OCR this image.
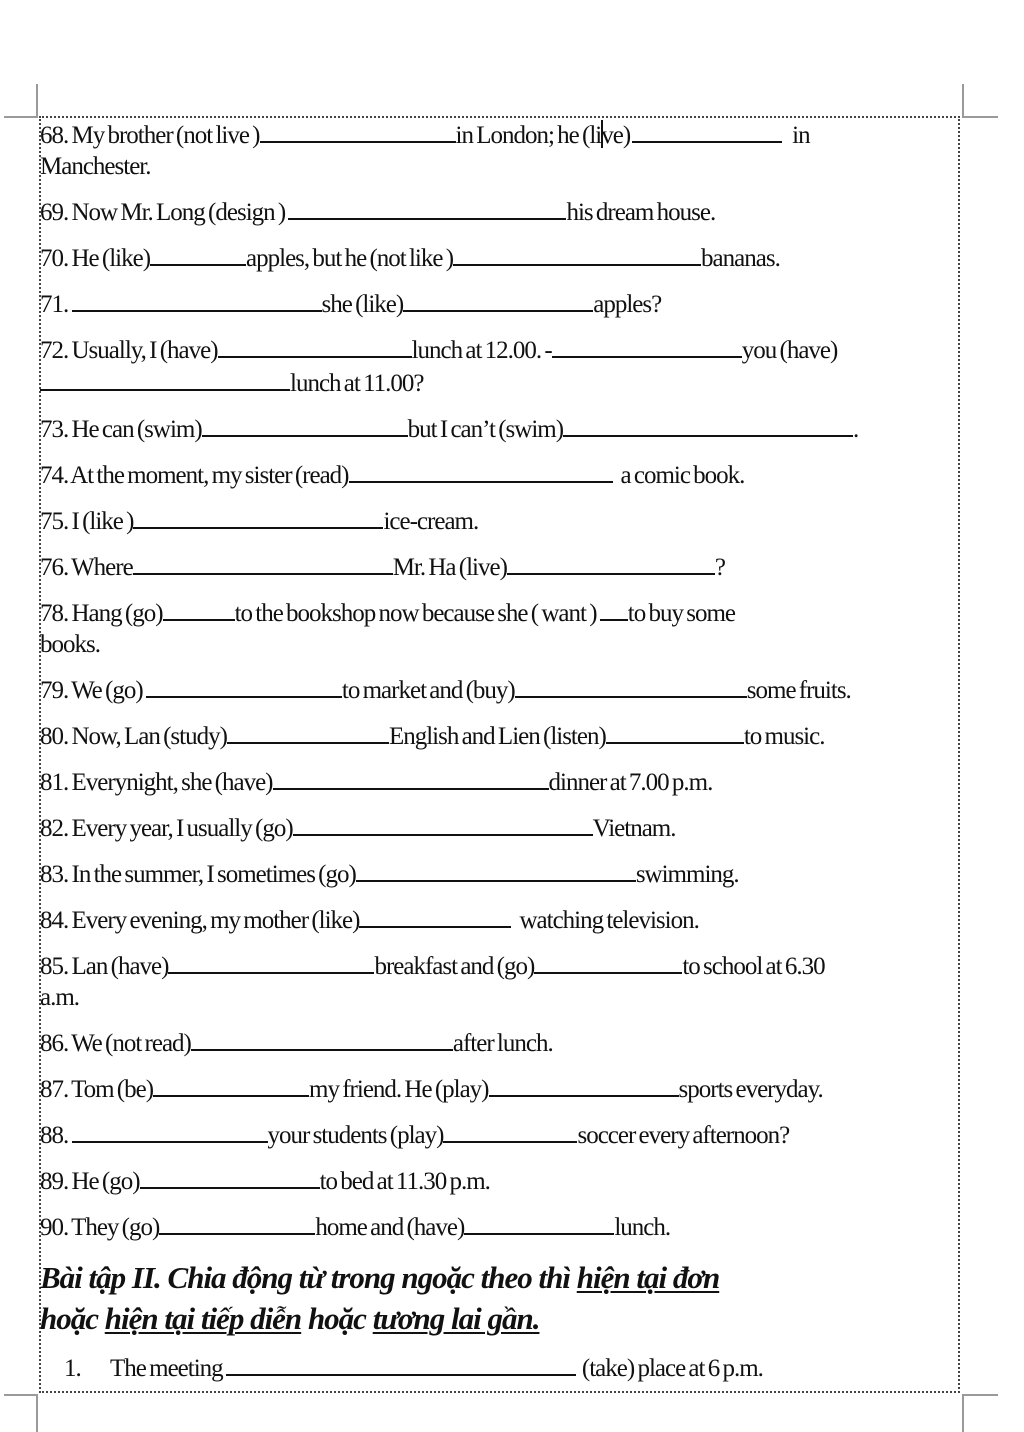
68. My brother (not live )	in London; he (live)	in
Manchester.

69. Now Mr. Long (design )	his dream house.

70. He (like)	apples, but he (not like )	bananas.

71.	she (like)	apples?

72. Usually, I (have)	lunch at 12.00. -	you (have)
lunch at 11.00?

73. He can (swim)	but I can’t (swim)	.

74. At the moment, my sister (read)	a comic book.

75. I (like )	ice-cream.

76. Where	Mr. Ha (live)	?

78. Hang (go)	to the bookshop now because she ( want ) to buy some
books.

79. We (go)	to market and (buy)	some fruits.

80. Now, Lan (study)	English and Lien (listen)	to music.

81. Everynight, she (have)	dinner at 7.00 p.m.

82. Every year, I usually (go)	Vietnam.

83. In the summer, I sometimes (go)	swimming.

84. Every evening, my mother (like)	watching television.

85. Lan (have)	breakfast and (go)	to school at 6.30
a.m.

86. We (not read)	after lunch.

87. Tom (be)	my friend. He (play)	sports everyday.

88.	your students (play)	soccer every afternoon?

89. He (go)	to bed at 11.30 p.m.

90. They (go)	home and (have)	lunch.

Bài tập II. Chia động từ trong ngoặc theo thì hiện tại đơn
hoặc hiện tại tiếp diễn hoặc tương lai gần.

1. The meeting	(take) place at 6 p.m.
